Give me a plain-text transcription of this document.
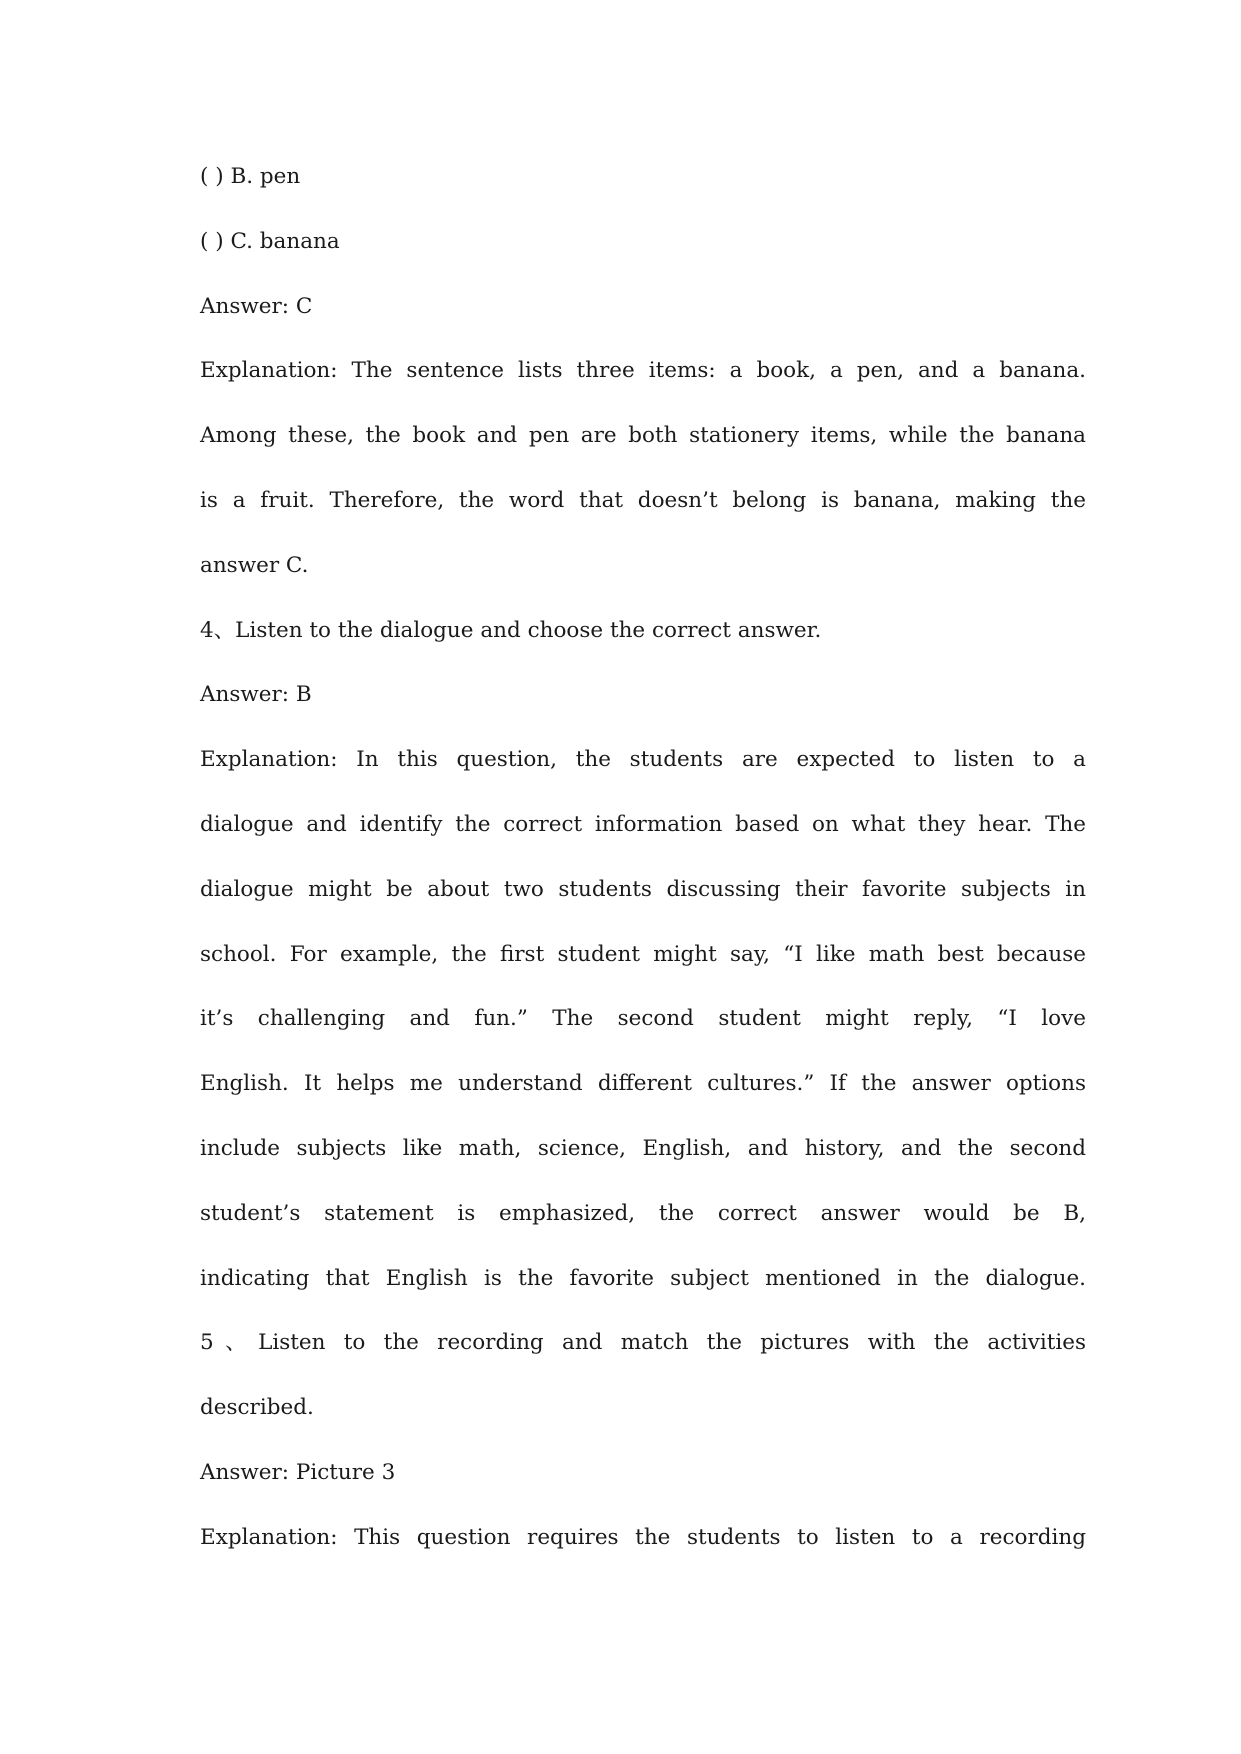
( ) B. pen
( ) C. banana
Answer: C
Explanation: The sentence lists three items: a book, a pen, and a banana.
Among these, the book and pen are both stationery items, while the banana
is a fruit. Therefore, the word that doesn’t belong is banana, making the
answer C.
4、Listen to the dialogue and choose the correct answer.
Answer: B
Explanation: In this question, the students are expected to listen to a
dialogue and identify the correct information based on what they hear. The
dialogue might be about two students discussing their favorite subjects in
school. For example, the first student might say, “I like math best because
it’s challenging and fun.” The second student might reply, “I love
English. It helps me understand different cultures.” If the answer options
include subjects like math, science, English, and history, and the second
student’s statement is emphasized, the correct answer would be B,
indicating that English is the favorite subject mentioned in the dialogue.
5、Listen to the recording and match the pictures with the activities
described.
Answer: Picture 3
Explanation: This question requires the students to listen to a recording
